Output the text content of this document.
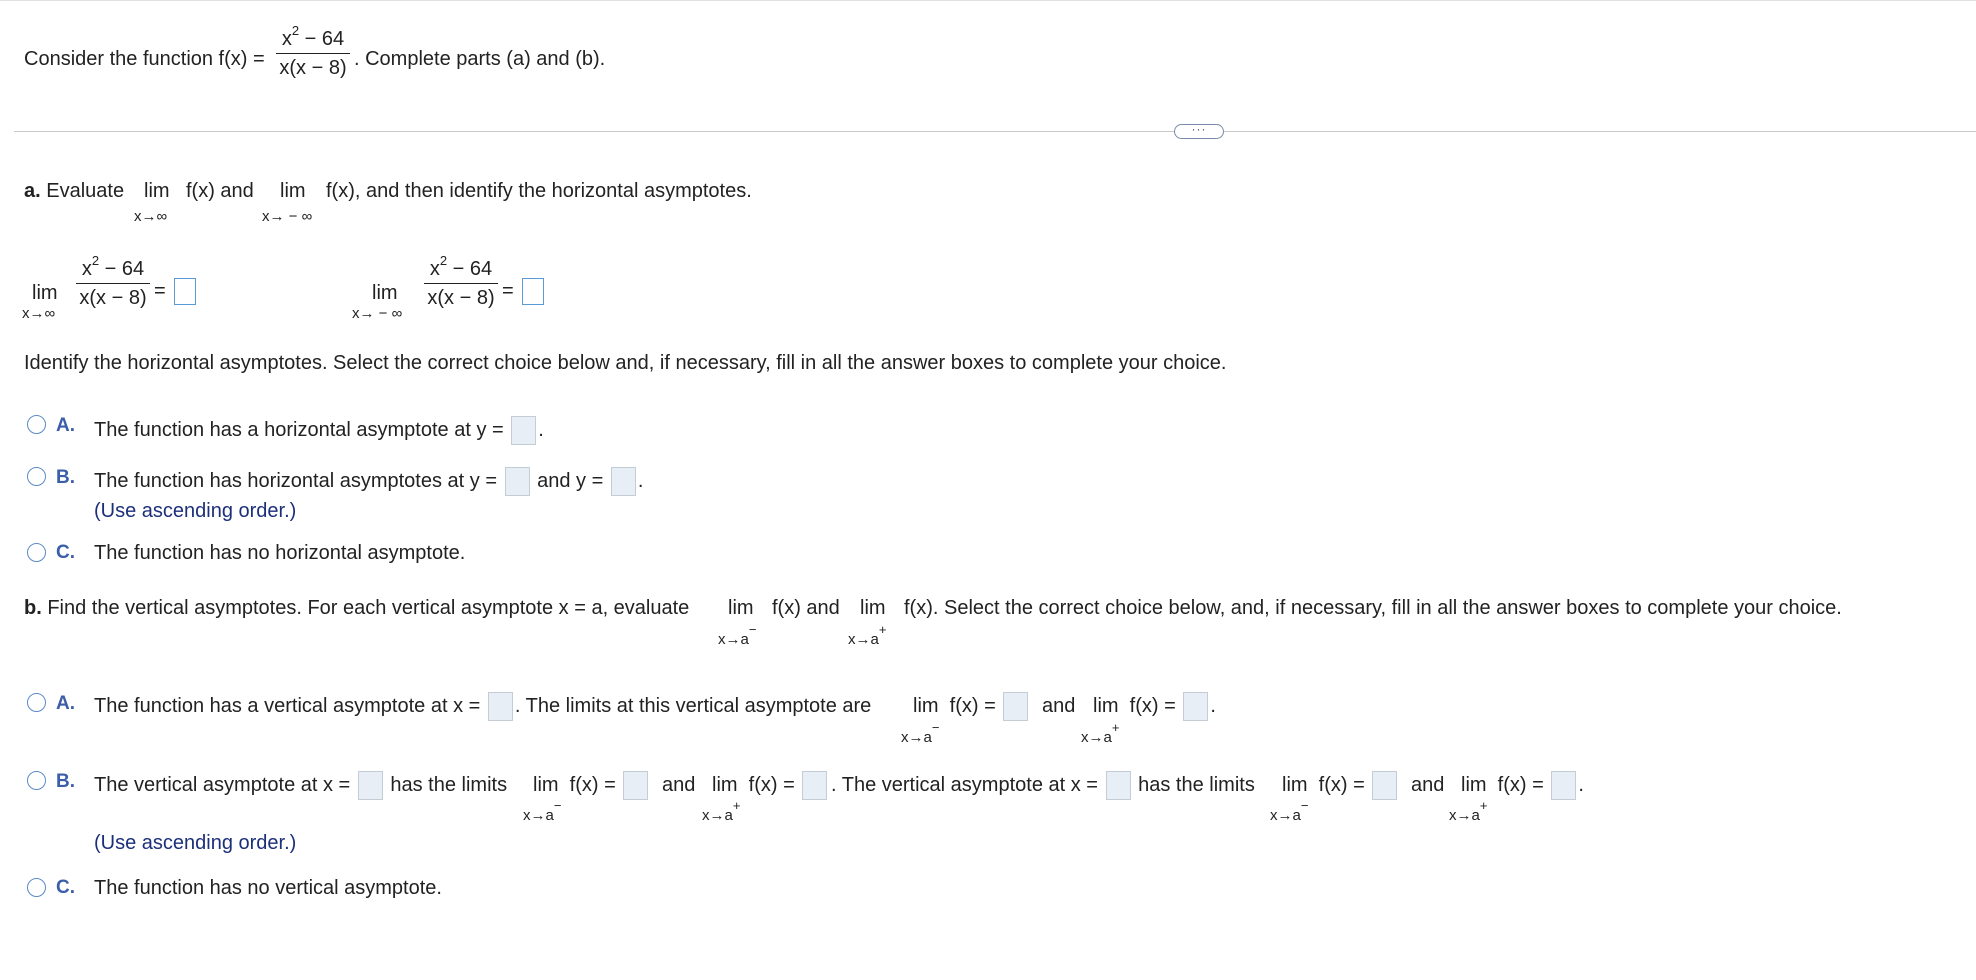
Consider the function $f(x) = \frac{x^2 - 64}{x(x - 8)}$ . Complete parts (a) and (b).
···
a. Evaluate lim
x→∞
f(x) and lim
x→ − ∞
f(x), and then identify the horizontal asymptotes.
lim
x→∞
$\frac{x^2 - 64}{x(x - 8)}$ =	lim
x→ − ∞
$\frac{x^2 - 64}{x(x - 8)}$ =
Identify the horizontal asymptotes. Select the correct choice below and, if necessary, fill in all the answer boxes to complete your choice.
A. The function has a horizontal asymptote at y = .
B. The function has horizontal asymptotes at y = and y = .
(Use ascending order.)
C. The function has no horizontal asymptote.
b. Find the vertical asymptotes. For each vertical asymptote x = a, evaluate lim
x→a−
f(x) and lim
x→a+
f(x). Select the correct choice below, and, if necessary, fill in all the answer boxes to complete your choice.
A. The function has a vertical asymptote at x = . The limits at this vertical asymptote are lim f(x) =
x→a−
and lim f(x) = .
x→a+
B. The vertical asymptote at x = has the limits lim f(x) =
x→a−
and lim f(x) =
x→a+
. The vertical asymptote at x = has the limits lim f(x) =
x→a−
and lim f(x) = .
x→a+
(Use ascending order.)
C. The function has no vertical asymptote.
